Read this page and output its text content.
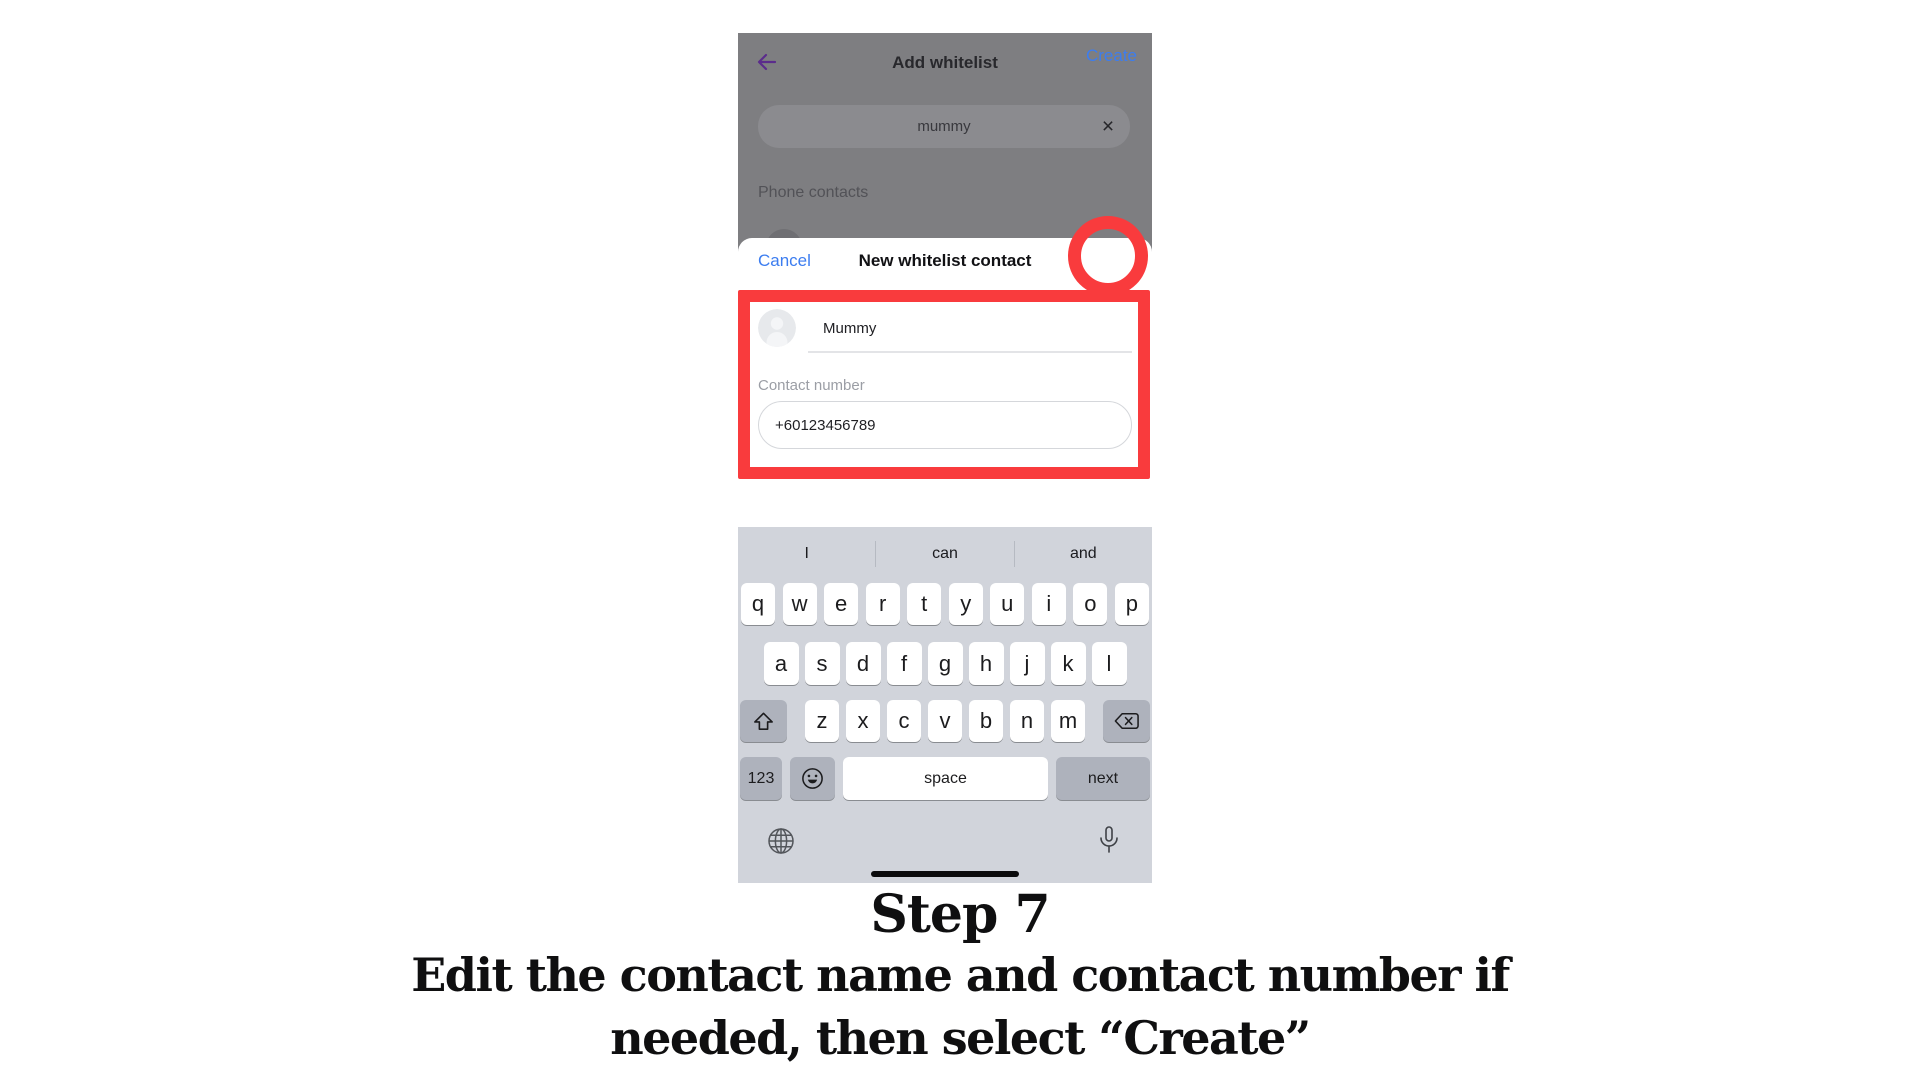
Add whitelist
mummy	×
Phone contacts
Cancel	New whitelist contact
Create
Mummy
Contact number
+60123456789
I	can	and
q	w	e	r	t	y	u	i	o	p
a	s	d	f	g	h	j	k	l
z	x	c	v	b	n	m
123	space	next
Step 7
Edit the contact name and contact number if
needed, then select “Create”
